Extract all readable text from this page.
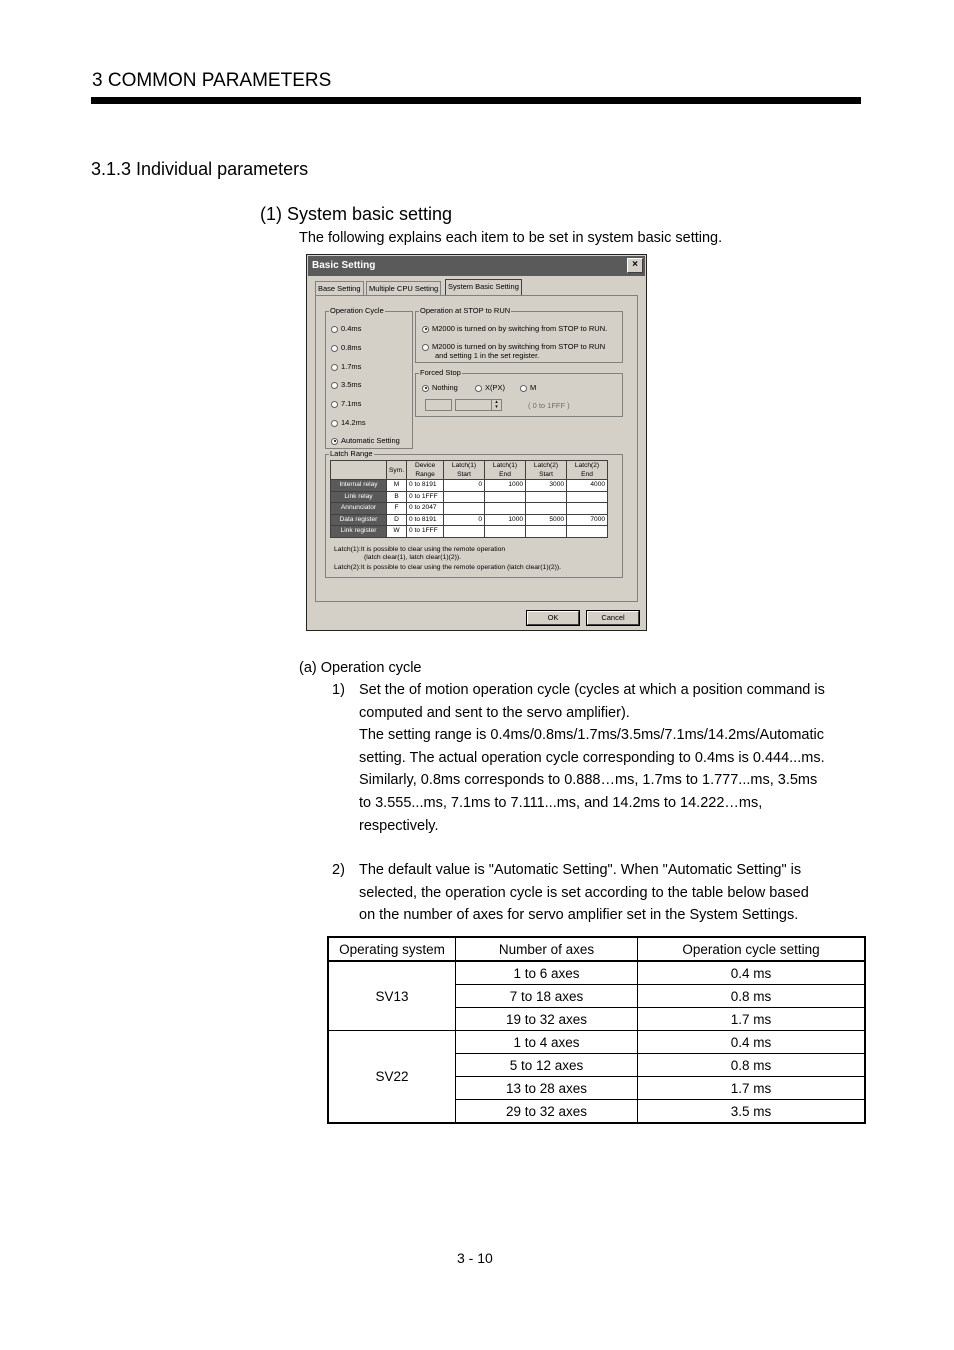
3 COMMON PARAMETERS
3.1.3 Individual parameters
(1) System basic setting
The following explains each item to be set in system basic setting.
Basic Setting	×
Base Setting	Multiple CPU Setting	System Basic Setting
Operation Cycle
0.4ms
0.8ms
1.7ms
3.5ms
7.1ms
14.2ms
Automatic Setting
Operation at STOP to RUN
M2000 is turned on by switching from STOP to RUN.
M2000 is turned on by switching from STOP to RUN
and setting 1 in the set register.
Forced Stop
Nothing	X(PX)	M
▴
▾	( 0 to 1FFF )
Latch Range
	Sym.	Device Range	Latch(1) Start	Latch(1) End	Latch(2) Start	Latch(2) End
Internal relay	M	0 to 8191	0	1000	3000	4000
Link relay	B	0 to 1FFF				
Annunciator	F	0 to 2047				
Data register	D	0 to 8191	0	1000	5000	7000
Link register	W	0 to 1FFF				
Latch(1):It is possible to clear using the remote operation
(latch clear(1), latch clear(1)(2)).
Latch(2):It is possible to clear using the remote operation (latch clear(1)(2)).
OK	Cancel
(a) Operation cycle
1) Set the of motion operation cycle (cycles at which a position command is
computed and sent to the servo amplifier).
The setting range is 0.4ms/0.8ms/1.7ms/3.5ms/7.1ms/14.2ms/Automatic
setting. The actual operation cycle corresponding to 0.4ms is 0.444...ms.
Similarly, 0.8ms corresponds to 0.888…ms, 1.7ms to 1.777...ms, 3.5ms
to 3.555...ms, 7.1ms to 7.111...ms, and 14.2ms to 14.222…ms,
respectively.
2) The default value is "Automatic Setting". When "Automatic Setting" is
selected, the operation cycle is set according to the table below based
on the number of axes for servo amplifier set in the System Settings.
Operating system	Number of axes	Operation cycle setting
SV13	1 to 6 axes	0.4 ms
	7 to 18 axes	0.8 ms
	19 to 32 axes	1.7 ms
SV22	1 to 4 axes	0.4 ms
	5 to 12 axes	0.8 ms
	13 to 28 axes	1.7 ms
	29 to 32 axes	3.5 ms
3 - 10
